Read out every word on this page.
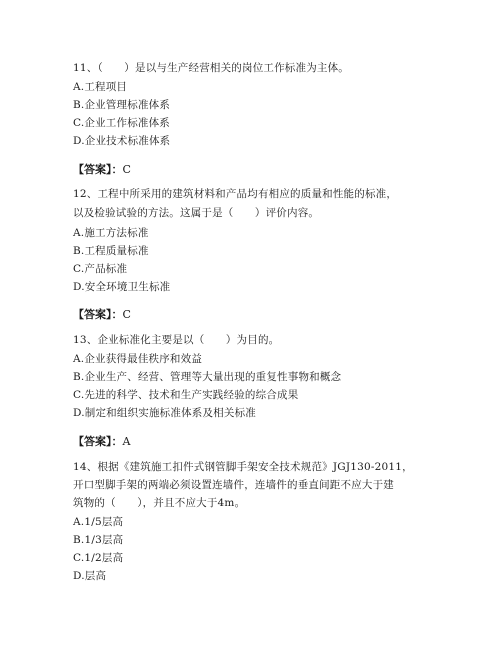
11、（　　）是以与生产经营相关的岗位工作标准为主体。
A.工程项目
B.企业管理标准体系
C.企业工作标准体系
D.企业技术标准体系
【答案】：C
12、工程中所采用的建筑材料和产品均有相应的质量和性能的标准，
以及检验试验的方法。这属于是（　　）评价内容。
A.施工方法标准
B.工程质量标准
C.产品标准
D.安全环境卫生标准
【答案】：C
13、企业标准化主要是以（　　）为目的。
A.企业获得最佳秩序和效益
B.企业生产、经营、管理等大量出现的重复性事物和概念
C.先进的科学、技术和生产实践经验的综合成果
D.制定和组织实施标准体系及相关标准
【答案】：A
14、根据《建筑施工扣件式钢管脚手架安全技术规范》JGJ130-2011，
开口型脚手架的两端必须设置连墙件，连墙件的垂直间距不应大于建
筑物的（　　），并且不应大于4m。
A.1/5层高
B.1/3层高
C.1/2层高
D.层高
